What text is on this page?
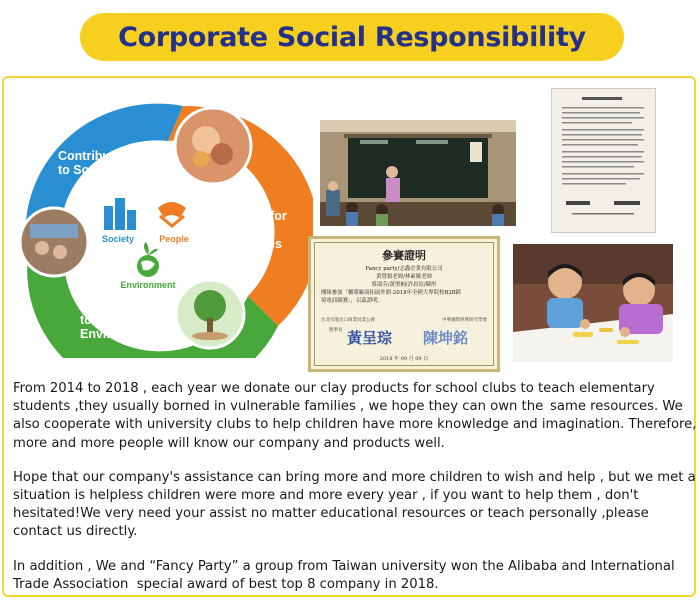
Corporate Social Responsibility
Contributions to Society
Respect for Human Resources
Contributions to the Global Environment
Society	People
Environment
參賽證明
Fancy party/志鑫企業有限公司
黃覺穎老師/林素娥老師
蔡淑芬/黃聖桐/許晨瑄/陳彤
團隊參加「輔導廠商拓展外銷-2018年全國大專院校B2B跨
境電商競賽」，以茲證明。
台北市進出口商業同業公會	中華國際經貿研究學會
理事長 黃呈琮 陳坤銘
2018 年 09 月 09 日

From 2014 to 2018 , each year we donate our clay products for school clubs to teach elementary students ,they usually borned in vulnerable families , we hope they can own the  same resources. We also cooperate with university clubs to help children have more knowledge and imagination. Therefore, more and more people will know our company and products well.

Hope that our company's assistance can bring more and more children to wish and help , but we met a situation is helpless children were more and more every year , if you want to help them , don't hesitated!We very need your assist no matter educational resources or teach personally ,please contact us directly.

In addition , We and “Fancy Party” a group from Taiwan university won the Alibaba and International Trade Association  special award of best top 8 company in 2018.
